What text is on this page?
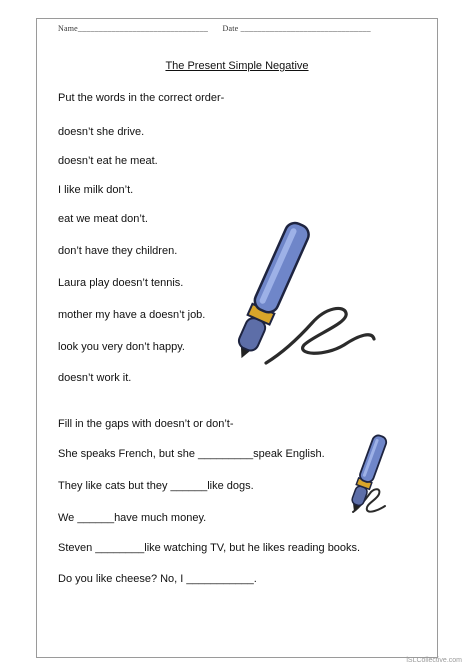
Name_______________________________ Date _______________________________
The Present Simple Negative
Put the words in the correct order-
doesn’t she drive.
doesn’t eat he meat.
I like milk don’t.
eat we meat don’t.
don’t have they children.
Laura play doesn’t tennis.
mother my have a doesn’t job.
look you very don’t happy.
doesn’t work it.
Fill in the gaps with doesn’t or don’t-
She speaks French, but she _________speak English.
They like cats but they ______like dogs.
We ______have much money.
Steven ________like watching TV, but he likes reading books.
Do you like cheese? No, I ___________.
iSLCollective.com
